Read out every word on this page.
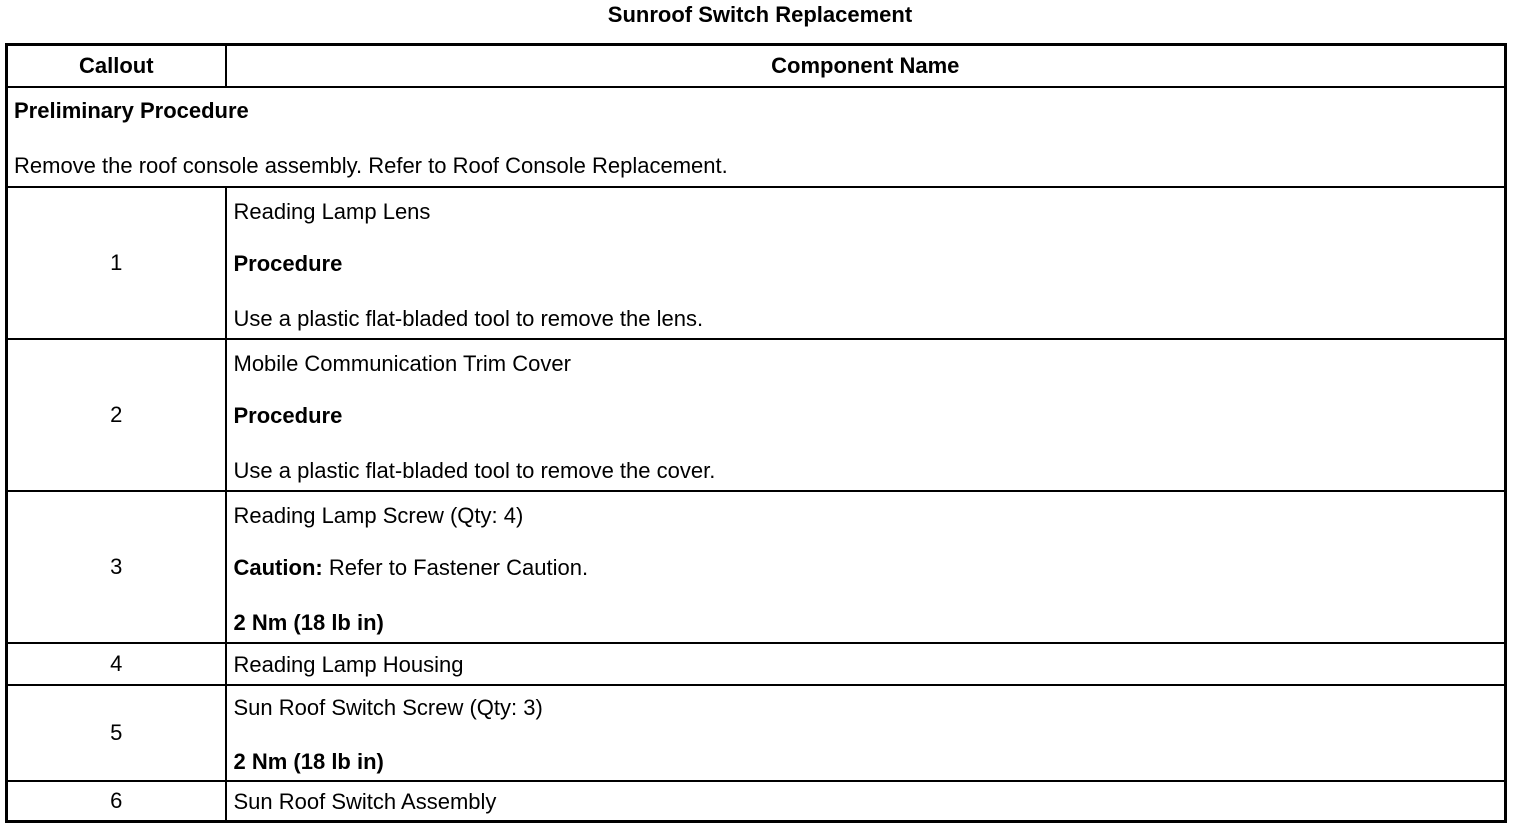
Sunroof Switch Replacement
Callout	Component Name

Preliminary Procedure
Remove the roof console assembly. Refer to Roof Console Replacement.	

1	Reading Lamp Lens
Procedure
Use a plastic flat-bladed tool to remove the lens.

2	Mobile Communication Trim Cover
Procedure
Use a plastic flat-bladed tool to remove the cover.

3	Reading Lamp Screw (Qty: 4)
Caution: Refer to Fastener Caution.
2 Nm (18 lb in)

4	Reading Lamp Housing

5	Sun Roof Switch Screw (Qty: 3)
2 Nm (18 lb in)

6	Sun Roof Switch Assembly
